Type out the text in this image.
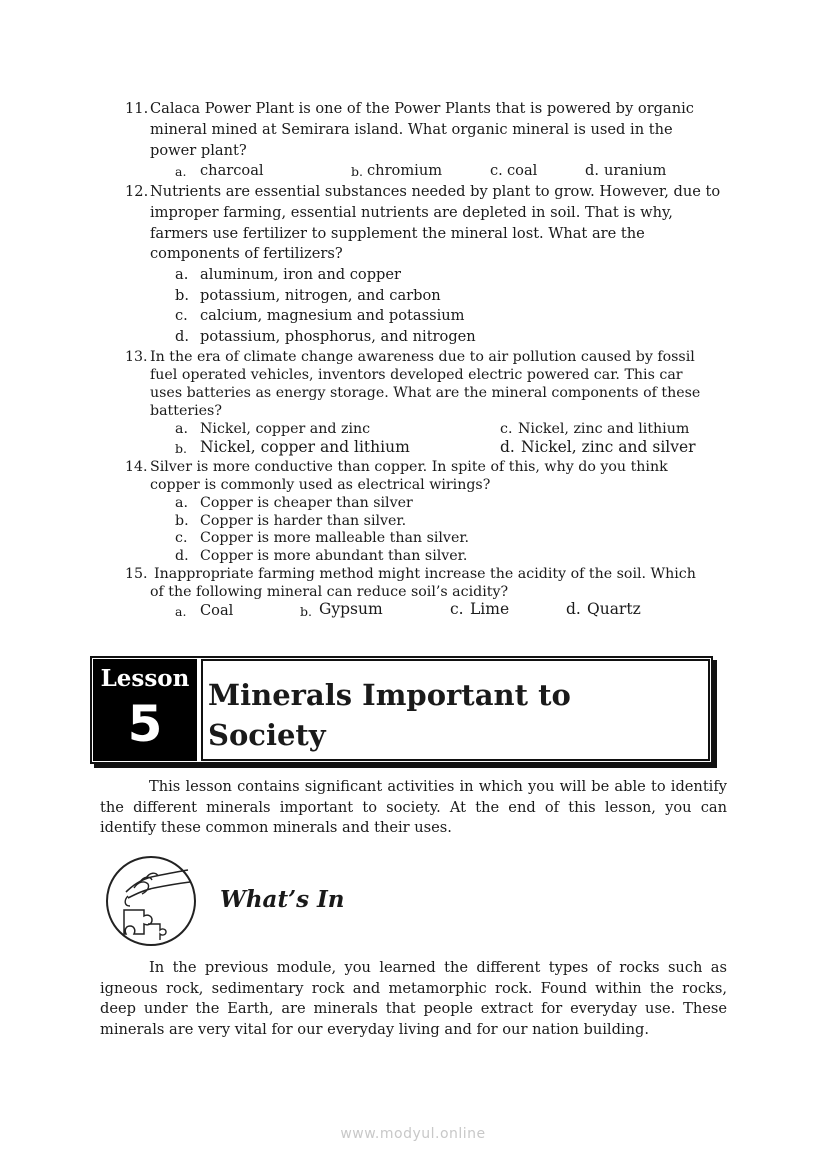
11. Calaca Power Plant is one of the Power Plants that is powered by organic
mineral mined at Semirara island. What organic mineral is used in the
power plant?
a. charcoal	b. chromium	c. coal	d. uranium
12. Nutrients are essential substances needed by plant to grow. However, due to
improper farming, essential nutrients are depleted in soil. That is why,
farmers use fertilizer to supplement the mineral lost. What are the
components of fertilizers?
a. aluminum, iron and copper
b. potassium, nitrogen, and carbon
c. calcium, magnesium and potassium
d. potassium, phosphorus, and nitrogen
13. In the era of climate change awareness due to air pollution caused by fossil
fuel operated vehicles, inventors developed electric powered car. This car
uses batteries as energy storage. What are the mineral components of these
batteries?
a. Nickel, copper and zinc	c. Nickel, zinc and lithium
b. Nickel, copper and lithium	d. Nickel, zinc and silver
14. Silver is more conductive than copper. In spite of this, why do you think
copper is commonly used as electrical wirings?
a. Copper is cheaper than silver
b. Copper is harder than silver.
c. Copper is more malleable than silver.
d. Copper is more abundant than silver.
15. Inappropriate farming method might increase the acidity of the soil. Which
of the following mineral can reduce soil’s acidity?
a. Coal	b. Gypsum	c. Lime	d. Quartz
Lesson
5	Minerals Important to Society
This lesson contains significant activities in which you will be able to identify the different minerals important to society. At the end of this lesson, you can identify these common minerals and their uses.
What’s In
In the previous module, you learned the different types of rocks such as igneous rock, sedimentary rock and metamorphic rock. Found within the rocks, deep under the Earth, are minerals that people extract for everyday use. These minerals are very vital for our everyday living and for our nation building.
www.modyul.online
